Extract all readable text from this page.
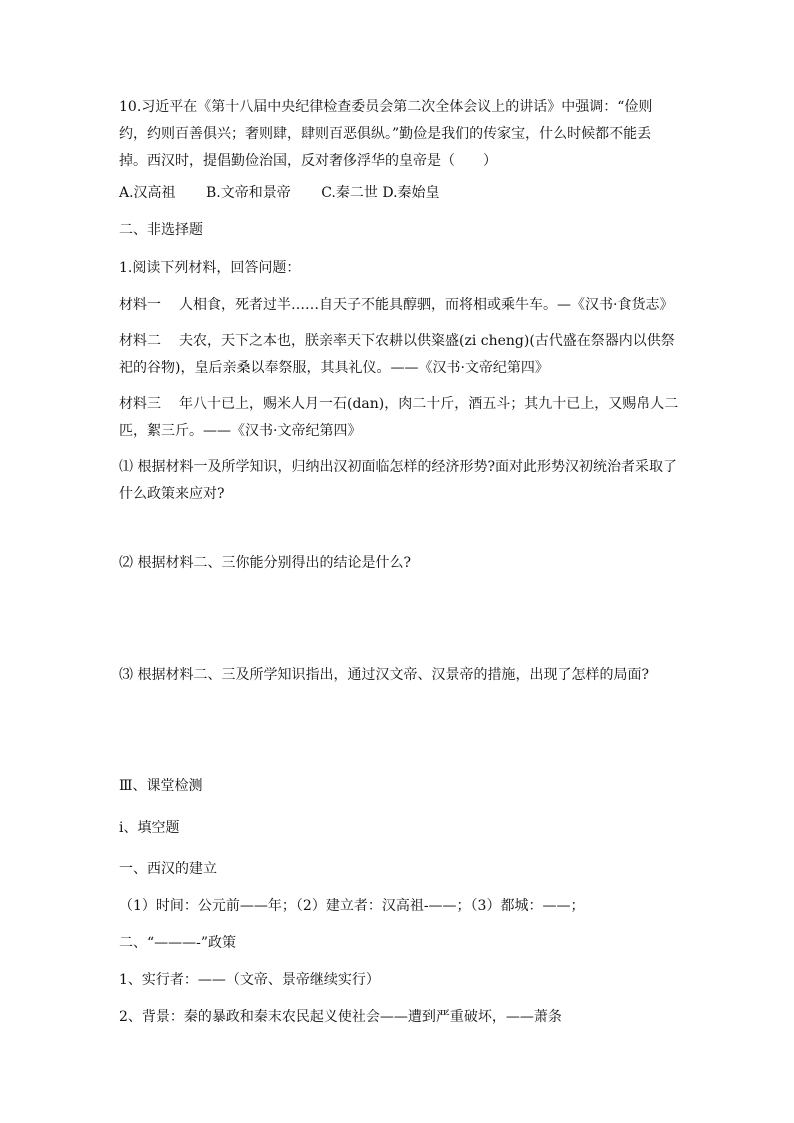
10.习近平在《第十八届中央纪律检查委员会第二次全体会议上的讲话》中强调：“俭则约，约则百善俱兴；奢则肆，肆则百恶俱纵。”勤俭是我们的传家宝，什么时候都不能丢掉。西汉时，提倡勤俭治国，反对奢侈浮华的皇帝是（　　）
A.汉高祖 B.文帝和景帝 C.秦二世 D.秦始皇
二、非选择题
1.阅读下列材料，回答问题：
材料一 人相食，死者过半……自天子不能具醇驷，而将相或乘牛车。—《汉书·食货志》
材料二 夫农，天下之本也，朕亲率天下农耕以供粢盛(zi cheng)(古代盛在祭器内以供祭祀的谷物)，皇后亲桑以奉祭服，其具礼仪。——《汉书·文帝纪第四》
材料三 年八十已上，赐米人月一石(dan)，肉二十斤，酒五斗；其九十已上，又赐帛人二匹，絮三斤。——《汉书·文帝纪第四》
⑴ 根据材料一及所学知识，归纳出汉初面临怎样的经济形势?面对此形势汉初统治者采取了什么政策来应对?
⑵ 根据材料二、三你能分别得出的结论是什么?
⑶ 根据材料二、三及所学知识指出，通过汉文帝、汉景帝的措施，出现了怎样的局面?
Ⅲ、课堂检测
ⅰ、填空题
一、西汉的建立
（1）时间：公元前——年；（2）建立者：汉高祖-——；（3）都城：——；
二、“———-”政策
1、实行者：——（文帝、景帝继续实行）
2、背景：秦的暴政和秦末农民起义使社会——遭到严重破坏，——萧条
